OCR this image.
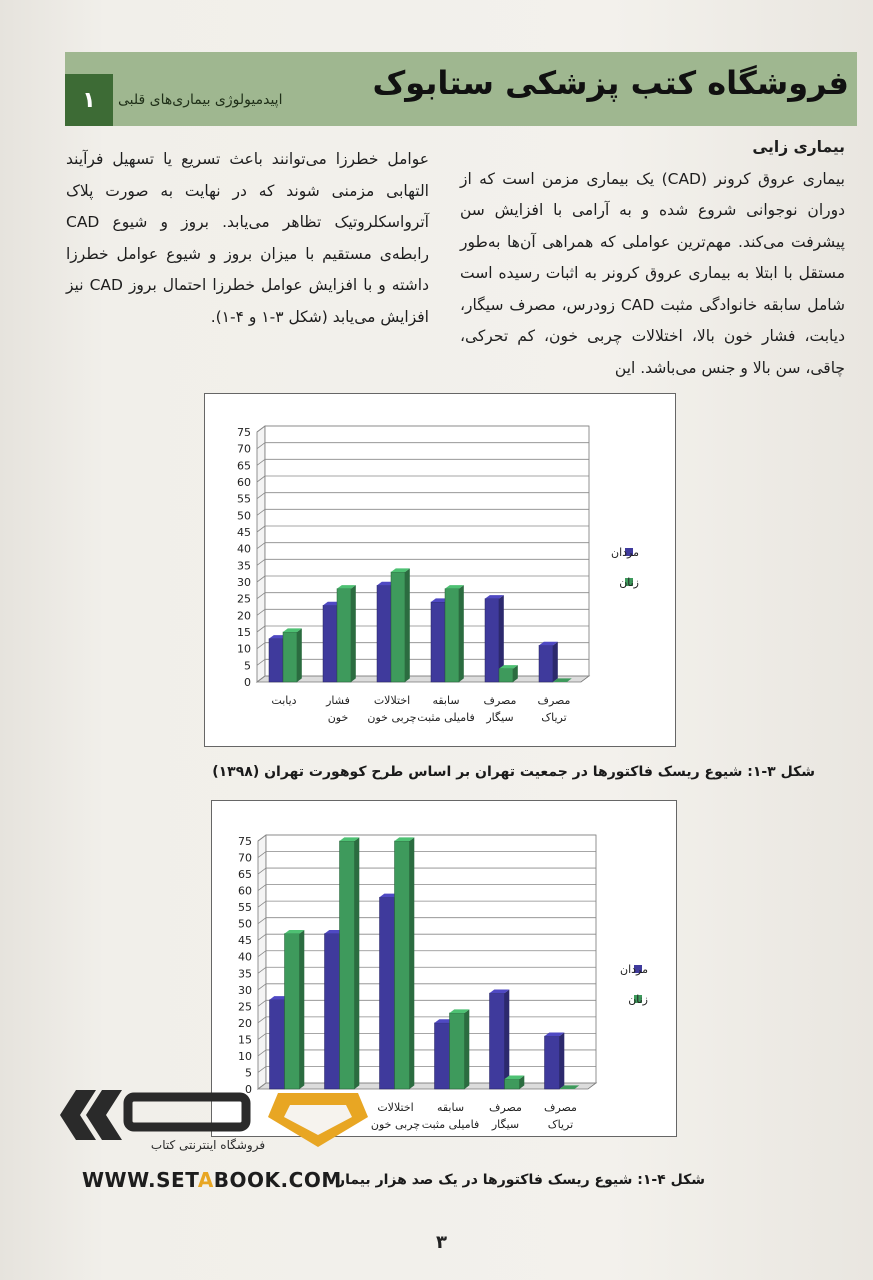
۱ اپیدمیولوژی بیماری‌های قلبی	فروشگاه کتب پزشکی ستابوک
بیماری زایی

بیماری عروق کرونر (CAD) یک بیماری مزمن است که از دوران نوجوانی شروع شده و به آرامی با افزایش سن پیشرفت می‌کند. مهم‌ترین عواملی که همراهی آن‌ها به‌طور مستقل با ابتلا به بیماری عروق کرونر به اثبات رسیده است شامل سابقه خانوادگی مثبت CAD زودرس، مصرف سیگار، دیابت، فشار خون بالا، اختلالات چربی خون، کم تحرکی، چاقی، سن بالا و جنس می‌باشد. این

عوامل خطرزا می‌توانند باعث تسریع یا تسهیل فرآیند التهابی مزمنی شوند که در نهایت به صورت پلاک آترواسکلروتیک تظاهر می‌یابد. بروز و شیوع CAD رابطه‌ی مستقیم با میزان بروز و شیوع عوامل خطرزا داشته و با افزایش عوامل خطرزا احتمال بروز CAD نیز افزایش می‌یابد (شکل ۳-۱ و ۴-۱).

0
5
10
15
20
25
30
35
40
45
50
55
60
65
70
75
دیابت	فشار
خون
اختلالات
چربی خون
سابقه
فامیلی مثبت
مصرف
سیگار
مصرف
تریاک
مردان
زنان
شکل ۳-۱: شیوع ریسک فاکتورها در جمعیت تهران بر اساس طرح کوهورت تهران (۱۳۹۸)
0
5
10
15
20
25
30
35
40
45
50
55
60
65
70
75
اختلالات
چربی خون
سابقه
فامیلی مثبت
مصرف
سیگار
مصرف
تریاک
مردان
زنان
شکل ۴-۱: شیوع ریسک فاکتورها در یک صد هزار بیمار
فروشگاه اینترنتی کتاب
WWW.SETABOOK.COM
۳
